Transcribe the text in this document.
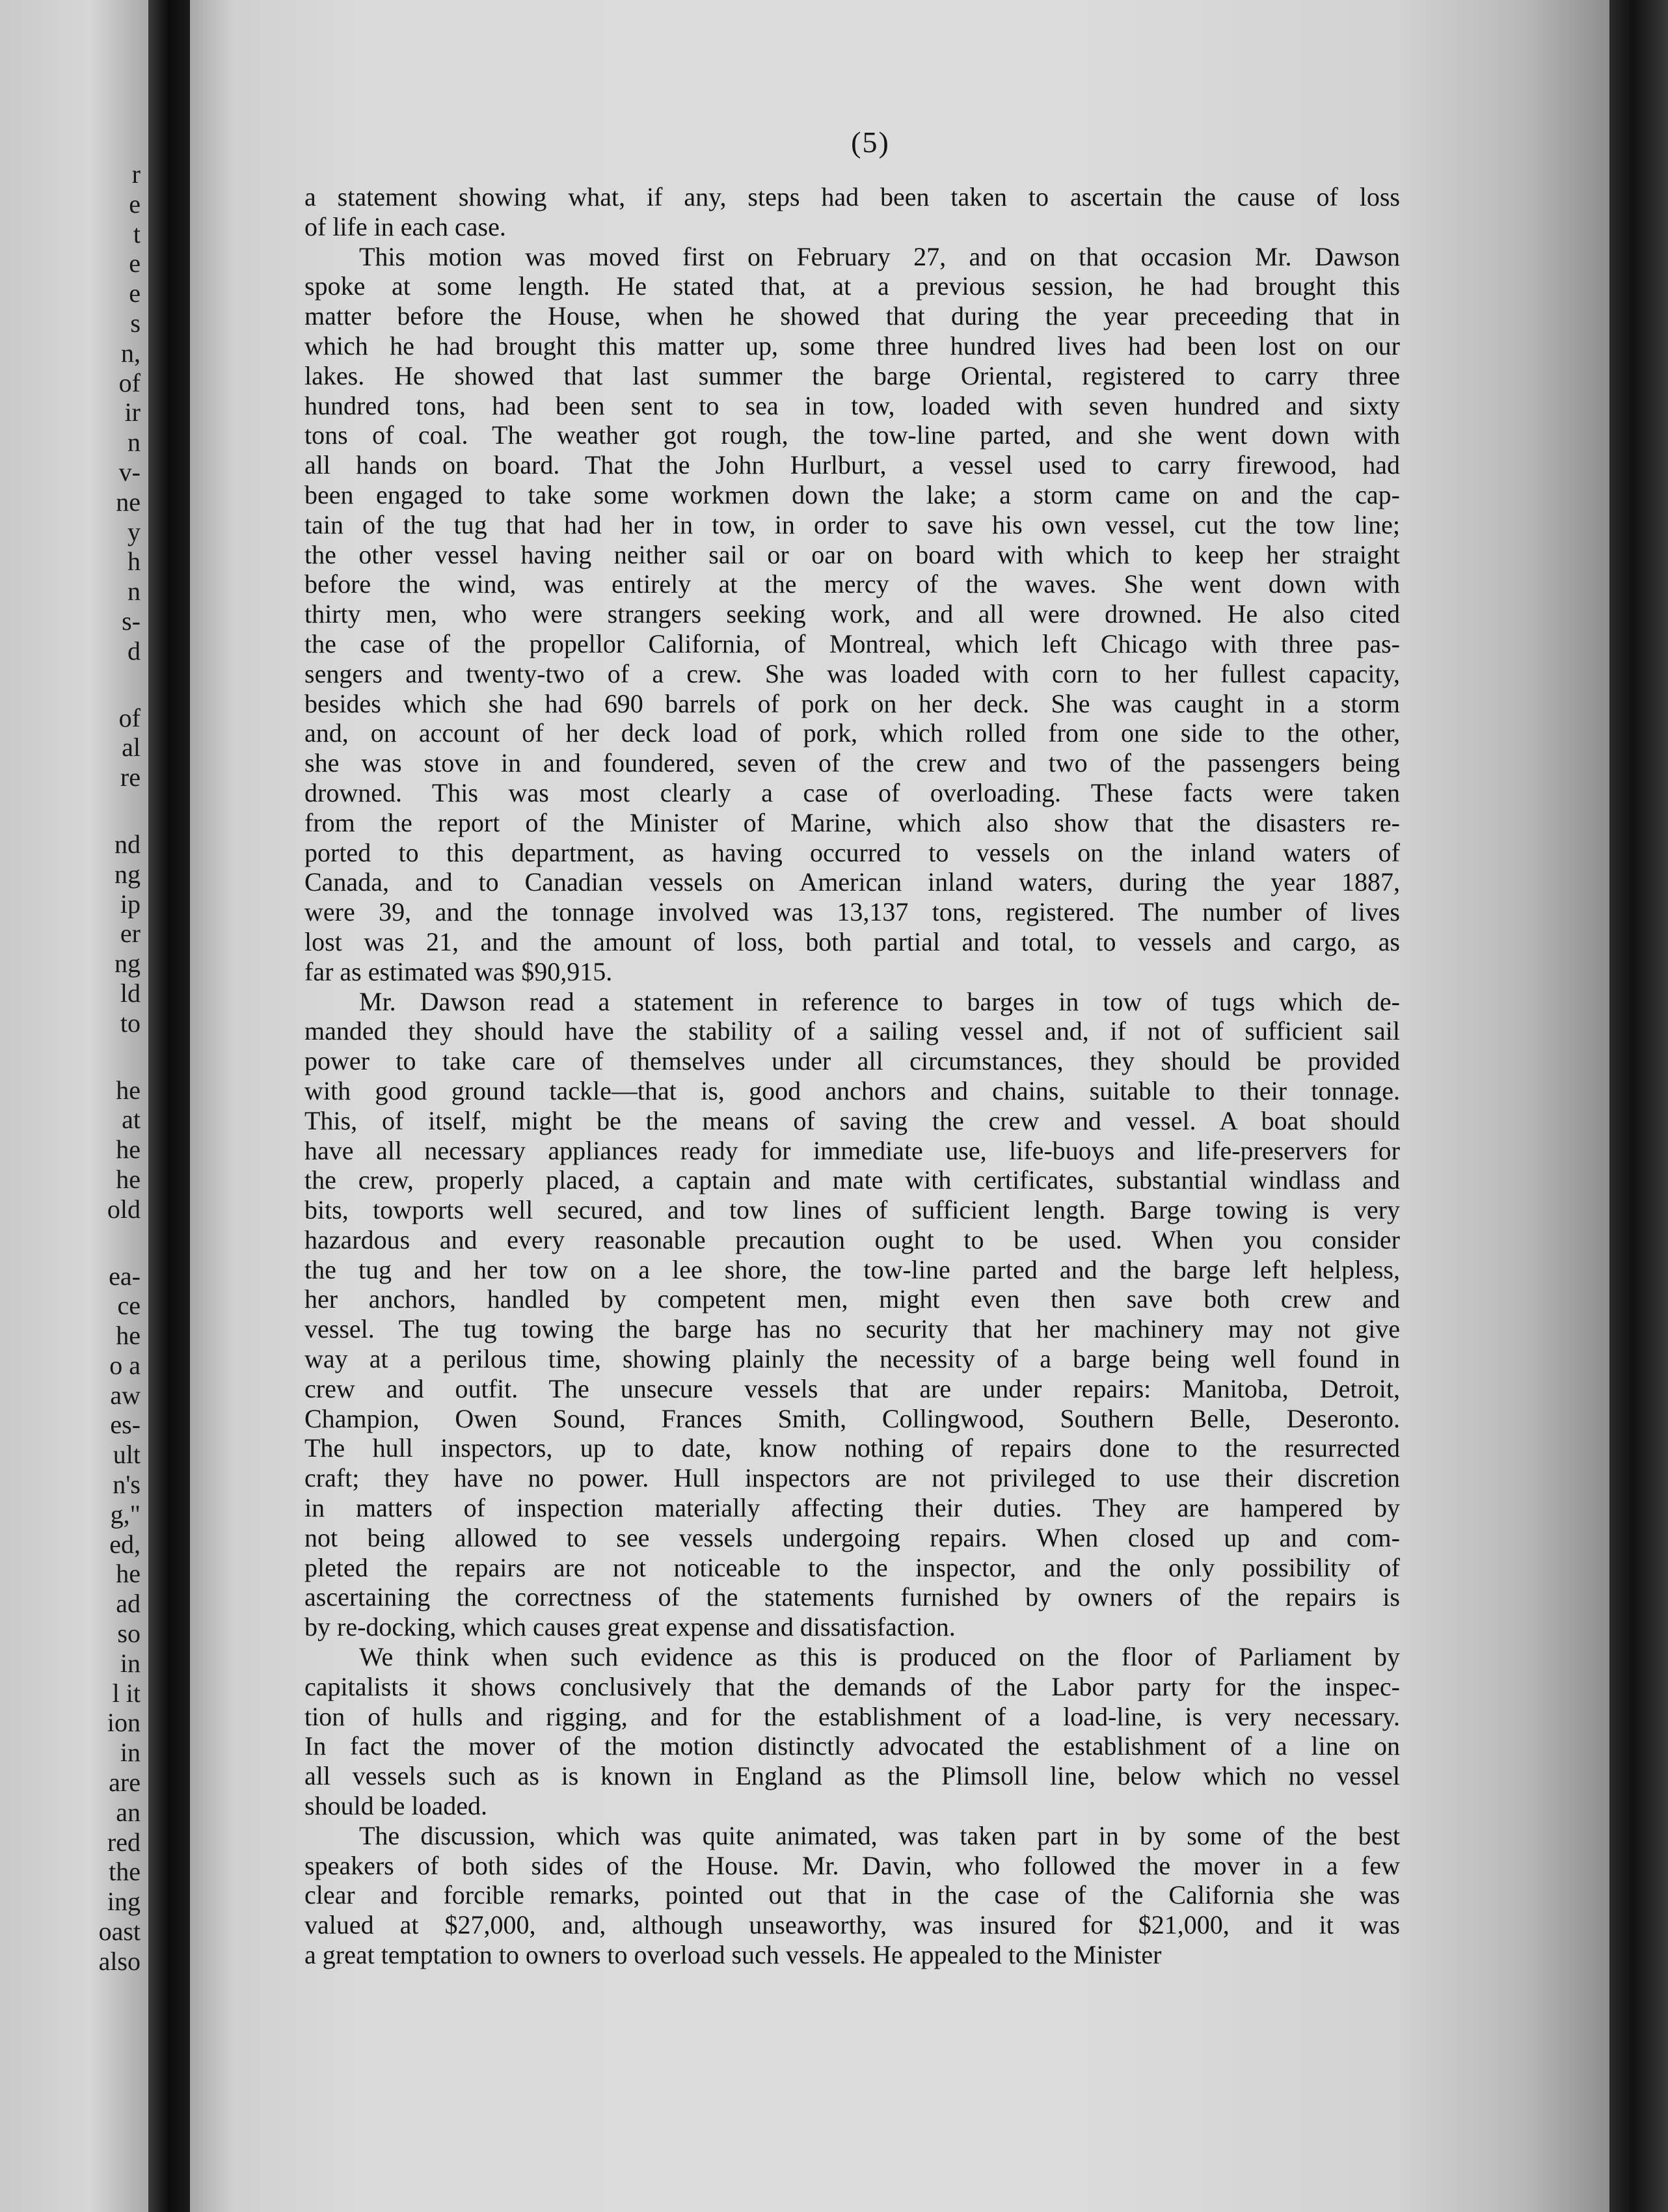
r
e
t
e
e
s
n,
of
ir
n
v-
ne
y
h
n
s-
d
of
al
re
nd
ng
ip
er
ng
ld
to
he
at
he
he
old
ea-
ce
he
o a
aw
es-
ult
n's
g,"
ed,
he
ad
so
in
l it
ion
in
are
an
red
the
ing
oast
also
(5)
a statement showing what, if any, steps had been taken to ascertain the cause of loss
of life in each case.
This motion was moved first on February 27, and on that occasion Mr. Dawson
spoke at some length. He stated that, at a previous session, he had brought this
matter before the House, when he showed that during the year preceeding that in
which he had brought this matter up, some three hundred lives had been lost on our
lakes. He showed that last summer the barge Oriental, registered to carry three
hundred tons, had been sent to sea in tow, loaded with seven hundred and sixty
tons of coal. The weather got rough, the tow-line parted, and she went down with
all hands on board. That the John Hurlburt, a vessel used to carry firewood, had
been engaged to take some workmen down the lake; a storm came on and the cap-
tain of the tug that had her in tow, in order to save his own vessel, cut the tow line;
the other vessel having neither sail or oar on board with which to keep her straight
before the wind, was entirely at the mercy of the waves. She went down with
thirty men, who were strangers seeking work, and all were drowned. He also cited
the case of the propellor California, of Montreal, which left Chicago with three pas-
sengers and twenty-two of a crew. She was loaded with corn to her fullest capacity,
besides which she had 690 barrels of pork on her deck. She was caught in a storm
and, on account of her deck load of pork, which rolled from one side to the other,
she was stove in and foundered, seven of the crew and two of the passengers being
drowned. This was most clearly a case of overloading. These facts were taken
from the report of the Minister of Marine, which also show that the disasters re-
ported to this department, as having occurred to vessels on the inland waters of
Canada, and to Canadian vessels on American inland waters, during the year 1887,
were 39, and the tonnage involved was 13,137 tons, registered. The number of lives
lost was 21, and the amount of loss, both partial and total, to vessels and cargo, as
far as estimated was $90,915.
Mr. Dawson read a statement in reference to barges in tow of tugs which de-
manded they should have the stability of a sailing vessel and, if not of sufficient sail
power to take care of themselves under all circumstances, they should be provided
with good ground tackle—that is, good anchors and chains, suitable to their tonnage.
This, of itself, might be the means of saving the crew and vessel. A boat should
have all necessary appliances ready for immediate use, life-buoys and life-preservers for
the crew, properly placed, a captain and mate with certificates, substantial windlass and
bits, towports well secured, and tow lines of sufficient length. Barge towing is very
hazardous and every reasonable precaution ought to be used. When you consider
the tug and her tow on a lee shore, the tow-line parted and the barge left helpless,
her anchors, handled by competent men, might even then save both crew and
vessel. The tug towing the barge has no security that her machinery may not give
way at a perilous time, showing plainly the necessity of a barge being well found in
crew and outfit. The unsecure vessels that are under repairs: Manitoba, Detroit,
Champion, Owen Sound, Frances Smith, Collingwood, Southern Belle, Deseronto.
The hull inspectors, up to date, know nothing of repairs done to the resurrected
craft; they have no power. Hull inspectors are not privileged to use their discretion
in matters of inspection materially affecting their duties. They are hampered by
not being allowed to see vessels undergoing repairs. When closed up and com-
pleted the repairs are not noticeable to the inspector, and the only possibility of
ascertaining the correctness of the statements furnished by owners of the repairs is
by re-docking, which causes great expense and dissatisfaction.
We think when such evidence as this is produced on the floor of Parliament by
capitalists it shows conclusively that the demands of the Labor party for the inspec-
tion of hulls and rigging, and for the establishment of a load-line, is very necessary.
In fact the mover of the motion distinctly advocated the establishment of a line on
all vessels such as is known in England as the Plimsoll line, below which no vessel
should be loaded.
The discussion, which was quite animated, was taken part in by some of the best
speakers of both sides of the House. Mr. Davin, who followed the mover in a few
clear and forcible remarks, pointed out that in the case of the California she was
valued at $27,000, and, although unseaworthy, was insured for $21,000, and it was
a great temptation to owners to overload such vessels. He appealed to the Minister
